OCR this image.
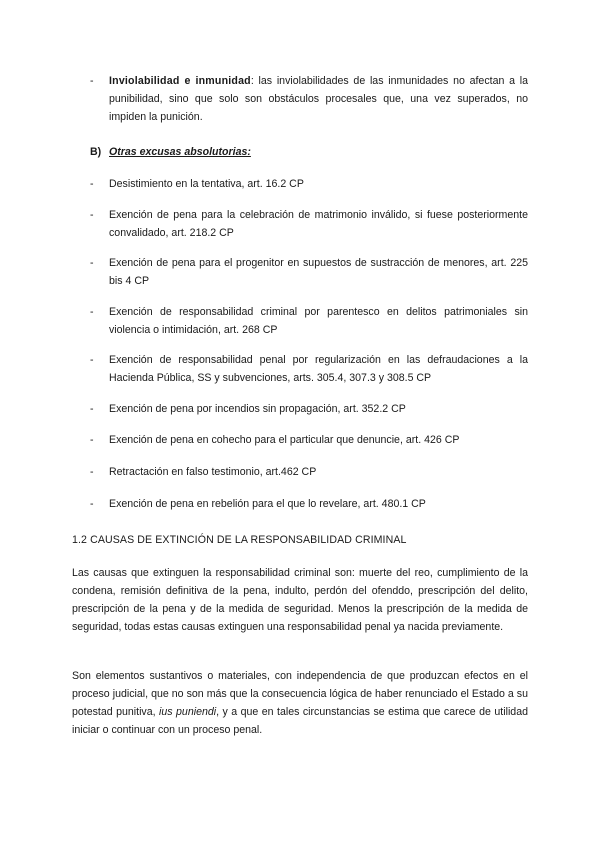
- Inviolabilidad e inmunidad: las inviolabilidades de las inmunidades no afectan a la punibilidad, sino que solo son obstáculos procesales que, una vez superados, no impiden la punición.
B) Otras excusas absolutorias:
- Desistimiento en la tentativa, art. 16.2 CP
- Exención de pena para la celebración de matrimonio inválido, si fuese posteriormente convalidado, art. 218.2 CP
- Exención de pena para el progenitor en supuestos de sustracción de menores, art. 225 bis 4 CP
- Exención de responsabilidad criminal por parentesco en delitos patrimoniales sin violencia o intimidación, art. 268 CP
- Exención de responsabilidad penal por regularización en las defraudaciones a la Hacienda Pública, SS y subvenciones, arts. 305.4, 307.3 y 308.5 CP
- Exención de pena por incendios sin propagación, art. 352.2 CP
- Exención de pena en cohecho para el particular que denuncie, art. 426 CP
- Retractación en falso testimonio, art.462 CP
- Exención de pena en rebelión para el que lo revelare, art. 480.1 CP
1.2 CAUSAS DE EXTINCIÓN DE LA RESPONSABILIDAD CRIMINAL
Las causas que extinguen la responsabilidad criminal son: muerte del reo, cumplimiento de la condena, remisión definitiva de la pena, indulto, perdón del ofenddo, prescripción del delito, prescripción de la pena y de la medida de seguridad. Menos la prescripción de la medida de seguridad, todas estas causas extinguen una responsabilidad penal ya nacida previamente.
Son elementos sustantivos o materiales, con independencia de que produzcan efectos en el proceso judicial, que no son más que la consecuencia lógica de haber renunciado el Estado a su potestad punitiva, ius puniendi, y a que en tales circunstancias se estima que carece de utilidad iniciar o continuar con un proceso penal.
